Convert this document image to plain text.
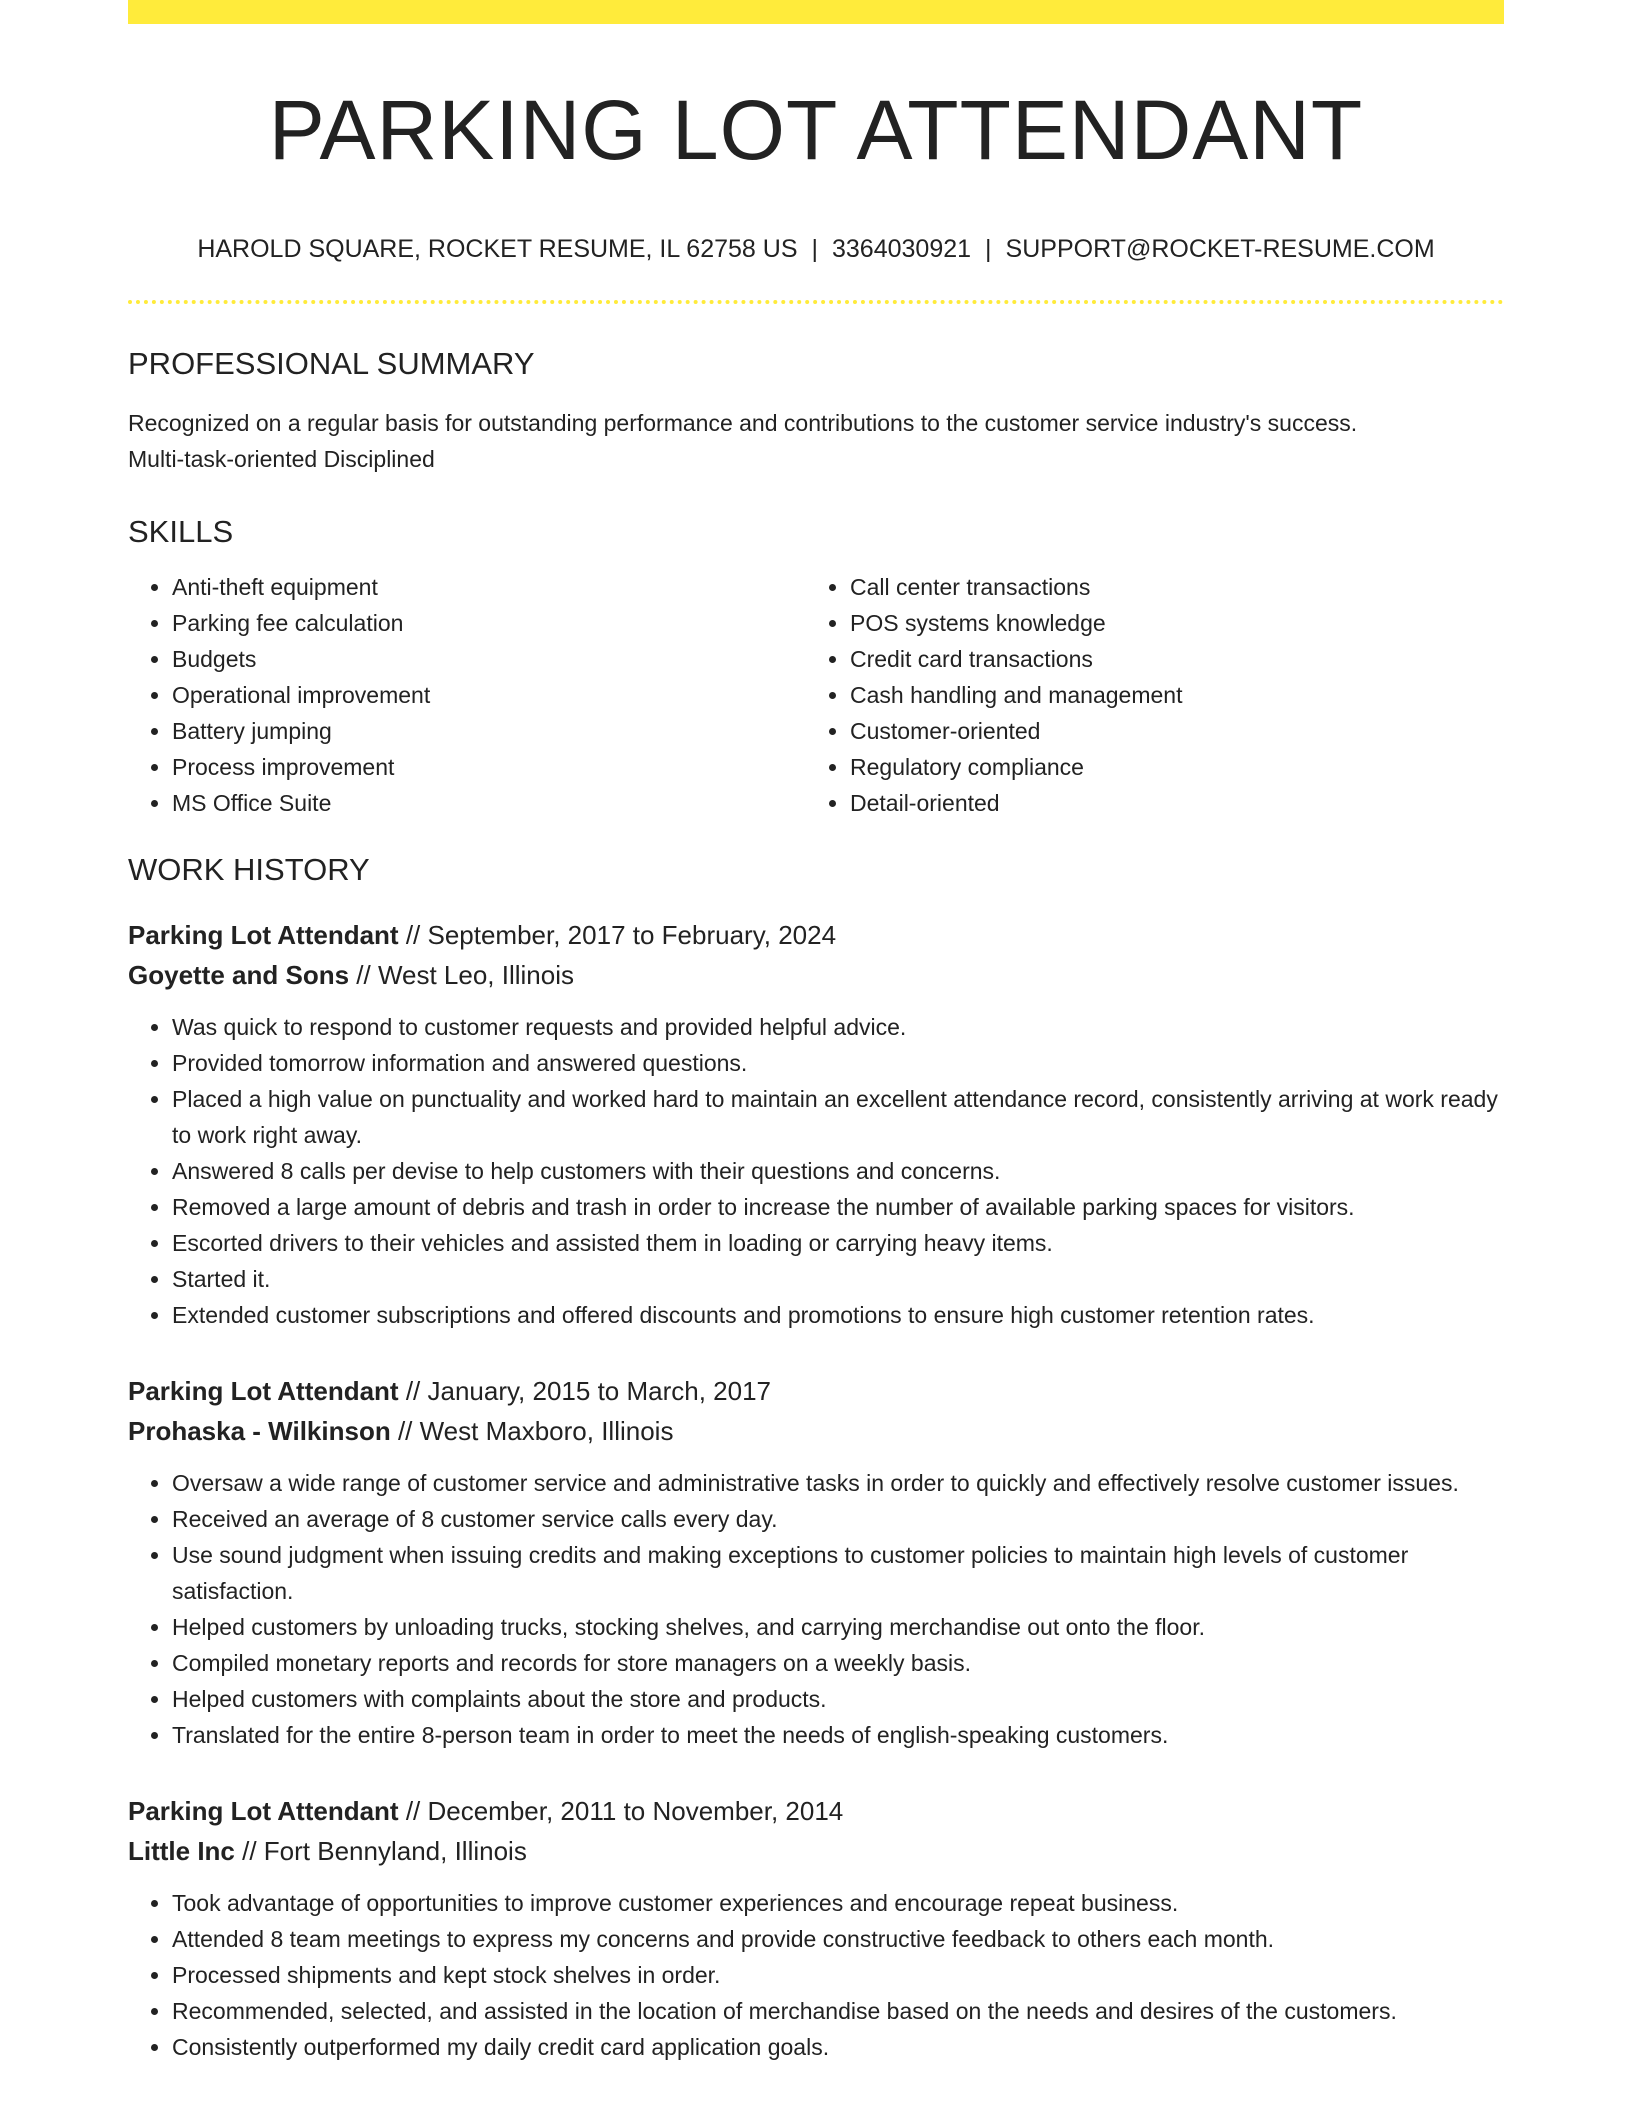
PARKING LOT ATTENDANT
HAROLD SQUARE, ROCKET RESUME, IL 62758 US | 3364030921 | SUPPORT@ROCKET-RESUME.COM
PROFESSIONAL SUMMARY
Recognized on a regular basis for outstanding performance and contributions to the customer service industry's success.
Multi-task-oriented Disciplined
SKILLS
• Anti-theft equipment
• Parking fee calculation
• Budgets
• Operational improvement
• Battery jumping
• Process improvement
• MS Office Suite
• Call center transactions
• POS systems knowledge
• Credit card transactions
• Cash handling and management
• Customer-oriented
• Regulatory compliance
• Detail-oriented
WORK HISTORY
Parking Lot Attendant // September, 2017 to February, 2024
Goyette and Sons // West Leo, Illinois
• Was quick to respond to customer requests and provided helpful advice.
• Provided tomorrow information and answered questions.
• Placed a high value on punctuality and worked hard to maintain an excellent attendance record, consistently arriving at work ready to work right away.
• Answered 8 calls per devise to help customers with their questions and concerns.
• Removed a large amount of debris and trash in order to increase the number of available parking spaces for visitors.
• Escorted drivers to their vehicles and assisted them in loading or carrying heavy items.
• Started it.
• Extended customer subscriptions and offered discounts and promotions to ensure high customer retention rates.
Parking Lot Attendant // January, 2015 to March, 2017
Prohaska - Wilkinson // West Maxboro, Illinois
• Oversaw a wide range of customer service and administrative tasks in order to quickly and effectively resolve customer issues.
• Received an average of 8 customer service calls every day.
• Use sound judgment when issuing credits and making exceptions to customer policies to maintain high levels of customer satisfaction.
• Helped customers by unloading trucks, stocking shelves, and carrying merchandise out onto the floor.
• Compiled monetary reports and records for store managers on a weekly basis.
• Helped customers with complaints about the store and products.
• Translated for the entire 8-person team in order to meet the needs of english-speaking customers.
Parking Lot Attendant // December, 2011 to November, 2014
Little Inc // Fort Bennyland, Illinois
• Took advantage of opportunities to improve customer experiences and encourage repeat business.
• Attended 8 team meetings to express my concerns and provide constructive feedback to others each month.
• Processed shipments and kept stock shelves in order.
• Recommended, selected, and assisted in the location of merchandise based on the needs and desires of the customers.
• Consistently outperformed my daily credit card application goals.
